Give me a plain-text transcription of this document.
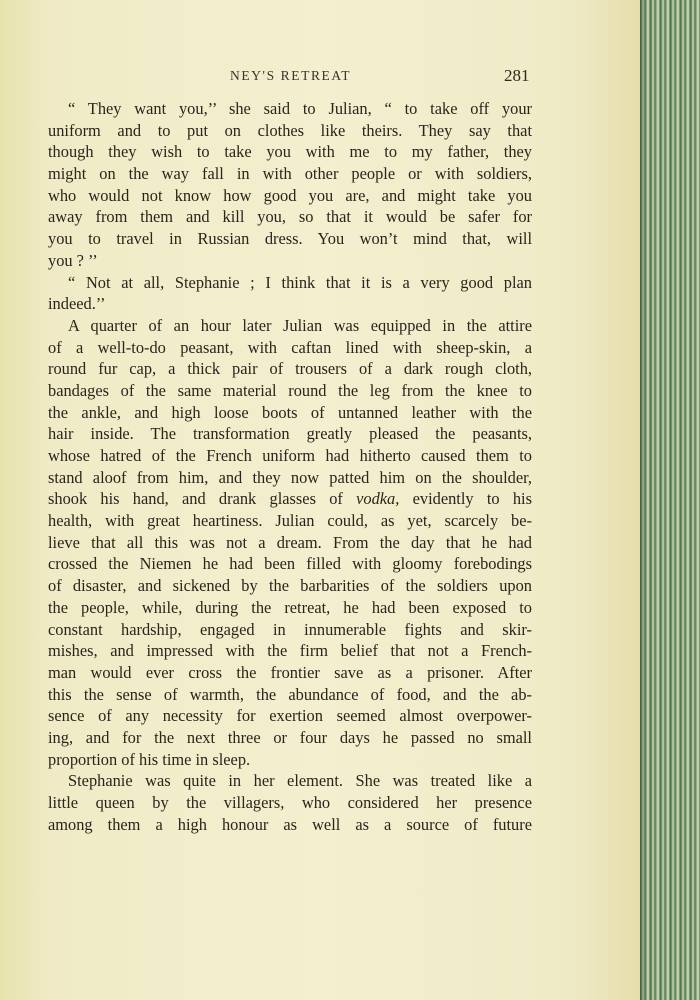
NEY'S RETREAT	281
“ They want you,’’ she said to Julian, “ to take off your
uniform and to put on clothes like theirs. They say that
though they wish to take you with me to my father, they
might on the way fall in with other people or with soldiers,
who would not know how good you are, and might take you
away from them and kill you, so that it would be safer for
you to travel in Russian dress. You won’t mind that, will
you ? ’’
“ Not at all, Stephanie ; I think that it is a very good plan
indeed.’’
A quarter of an hour later Julian was equipped in the attire
of a well-to-do peasant, with caftan lined with sheep-skin, a
round fur cap, a thick pair of trousers of a dark rough cloth,
bandages of the same material round the leg from the knee to
the ankle, and high loose boots of untanned leather with the
hair inside. The transformation greatly pleased the peasants,
whose hatred of the French uniform had hitherto caused them to
stand aloof from him, and they now patted him on the shoulder,
shook his hand, and drank glasses of vodka, evidently to his
health, with great heartiness. Julian could, as yet, scarcely be-
lieve that all this was not a dream. From the day that he had
crossed the Niemen he had been filled with gloomy forebodings
of disaster, and sickened by the barbarities of the soldiers upon
the people, while, during the retreat, he had been exposed to
constant hardship, engaged in innumerable fights and skir-
mishes, and impressed with the firm belief that not a French-
man would ever cross the frontier save as a prisoner. After
this the sense of warmth, the abundance of food, and the ab-
sence of any necessity for exertion seemed almost overpower-
ing, and for the next three or four days he passed no small
proportion of his time in sleep.
Stephanie was quite in her element. She was treated like a
little queen by the villagers, who considered her presence
among them a high honour as well as a source of future
